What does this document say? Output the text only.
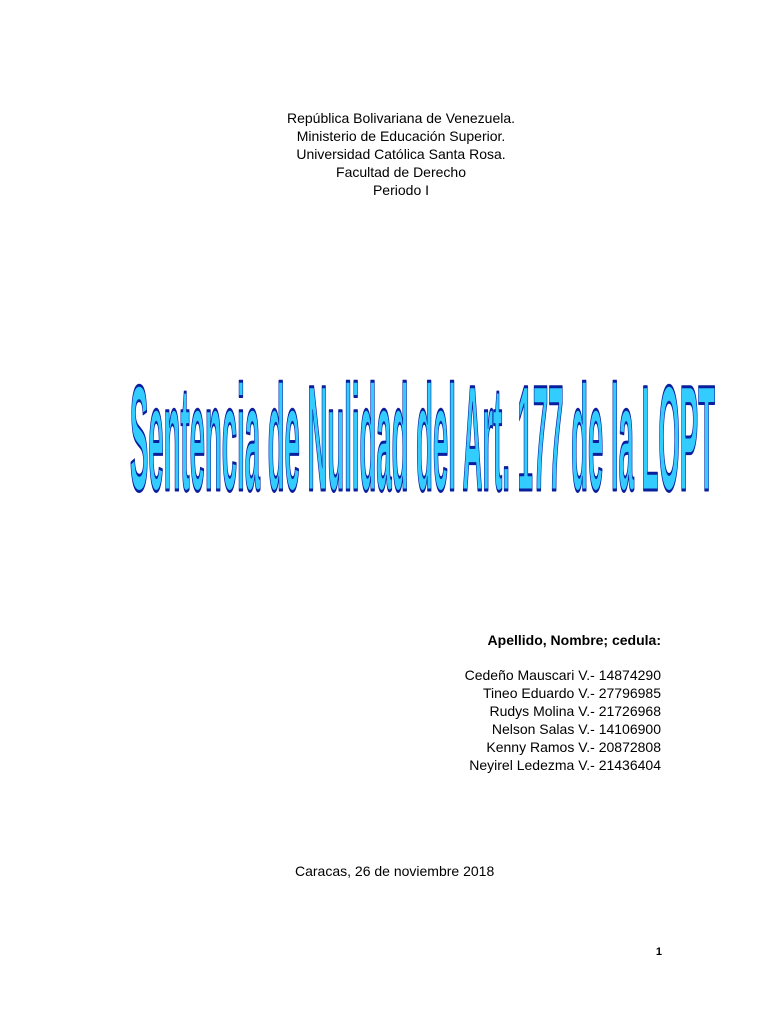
República Bolivariana de Venezuela.
Ministerio de Educación Superior.
Universidad Católica Santa Rosa.
Facultad de Derecho
Periodo I
Sentencia de Nulidad del Art. 177 de la LOPT
Apellido, Nombre; cedula:
Cedeño Mauscari V.- 14874290
Tineo Eduardo V.- 27796985
Rudys Molina V.- 21726968
Nelson Salas V.- 14106900
Kenny Ramos V.- 20872808
Neyirel Ledezma V.- 21436404
Caracas, 26 de noviembre 2018
1
